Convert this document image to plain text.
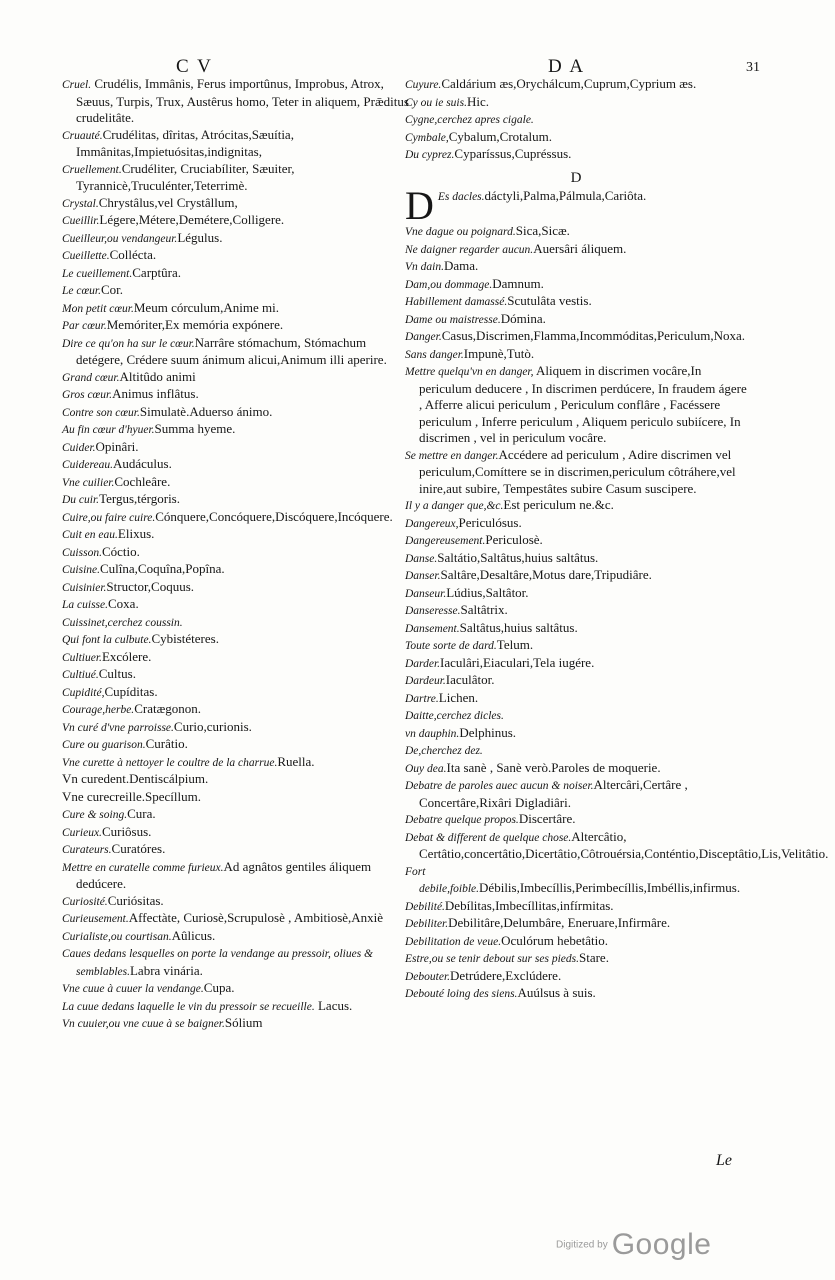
C V	D A	31

Cruel. Crudélis, Immânis, Ferus importûnus, Improbus, Atrox, Sæuus, Turpis, Trux, Austêrus homo, Teter in aliquem, Prǣditus crudelitâte.

Cruauté.Crudélitas, dîritas, Atrócitas,Sæuítia, Immânitas,Impietuósitas,indignitas,

Cruellement.Crudéliter, Cruciabíliter, Sæuiter, Tyrannicè,Truculénter,Teterrimè.

Crystal.Chrystâlus,vel Crystâllum,

Cueillir.Légere,Métere,Demétere,Colligere.

Cueilleur,ou vendangeur.Légulus.

Cueillette.Collécta.

Le cueillement.Carptûra.

Le cœur.Cor.

Mon petit cœur.Meum córculum,Anime mi.

Par cœur.Memóriter,Ex memória expónere.

Dire ce qu'on ha sur le cœur.Narrâre stómachum, Stómachum detégere, Crédere suum ánimum alicui,Animum illi aperire.

Grand cœur.Altitûdo animi

Gros cœur.Animus inflâtus.

Contre son cœur.Simulatè.Aduerso ánimo.

Au fin cœur d'hyuer.Summa hyeme.

Cuider.Opinâri.

Cuidereau.Audáculus.

Vne cuilier.Cochleâre.

Du cuir.Tergus,térgoris.

Cuire,ou faire cuire.Cónquere,Concóquere,Discóquere,Incóquere.

Cuit en eau.Elixus.

Cuisson.Cóctio.

Cuisine.Culîna,Coquîna,Popîna.

Cuisinier.Structor,Coquus.

La cuisse.Coxa.

Cuissinet,cerchez coussin.

Qui font la culbute.Cybistéteres.

Cultiuer.Excólere.

Cultiué.Cultus.

Cupidité,Cupíditas.

Courage,herbe.Cratægonon.

Vn curé d'vne parroisse.Curio,curionis.

Cure ou guarison.Curâtio.

Vne curette à nettoyer le coultre de la charrue.Ruella.

Vn curedent.Dentiscálpium.

Vne curecreille.Specíllum.

Cure & soing.Cura.

Curieux.Curiôsus.

Curateurs.Curatóres.

Mettre en curatelle comme furieux.Ad agnâtos gentiles áliquem dedúcere.

Curiosité.Curiósitas.

Curieusement.Affectàte, Curiosè,Scrupulosè , Ambitiosè,Anxiè

Curialiste,ou courtisan.Aûlicus.

Caues dedans lesquelles on porte la vendange au pressoir, oliues & semblables.Labra vinária.

Vne cuue à cuuer la vendange.Cupa.

La cuue dedans laquelle le vin du pressoir se recueille. Lacus.

Vn cuuier,ou vne cuue à se baigner.Sólium

Cuyure.Caldárium æs,Orychálcum,Cuprum,Cyprium æs.

Cy ou ie suis.Hic.

Cygne,cerchez apres cigale.

Cymbale,Cybalum,Crotalum.

Du cyprez.Cyparíssus,Cupréssus.

D

D Es dacles.dáctyli,Palma,Pálmula,Cariôta.

Vne dague ou poignard.Sica,Sicæ.

Ne daigner regarder aucun.Auersâri áliquem.

Vn dain.Dama.

Dam,ou dommage.Damnum.

Habillement damassé.Scutulâta vestis.

Dame ou maistresse.Dómina.

Danger.Casus,Discrimen,Flamma,Incommóditas,Periculum,Noxa.

Sans danger.Impunè,Tutò.

Mettre quelqu'vn en danger, Aliquem in discrimen vocâre,In periculum deducere , In discrimen perdúcere, In fraudem ágere , Afferre alicui periculum , Periculum conflâre , Facéssere periculum , Inferre periculum , Aliquem periculo subiícere, In discrimen , vel in periculum vocâre.

Se mettre en danger.Accédere ad periculum , Adire discrimen vel periculum,Comíttere se in discrimen,periculum côtráhere,vel inire,aut subire, Tempestâtes subire Casum suscipere.

Il y a danger que,&c.Est periculum ne.&c.

Dangereux,Periculósus.

Dangereusement.Periculosè.

Danse.Saltátio,Saltâtus,huius saltâtus.

Danser.Saltâre,Desaltâre,Motus dare,Tripudiâre.

Danseur.Lúdius,Saltâtor.

Danseresse.Saltâtrix.

Dansement.Saltâtus,huius saltâtus.

Toute sorte de dard.Telum.

Darder.Iaculâri,Eiaculari,Tela iugére.

Dardeur.Iaculâtor.

Dartre.Lichen.

Daitte,cerchez dicles.

vn dauphin.Delphinus.

De,cherchez dez.

Ouy dea.Ita sanè , Sanè verò.Paroles de moquerie.

Debatre de paroles auec aucun & noiser.Altercâri,Certâre , Concertâre,Rixâri Digladiâri.

Debatre quelque propos.Discertâre.

Debat & different de quelque chose.Altercâtio, Certâtio,concertâtio,Dicertâtio,Côtrouérsia,Conténtio,Disceptâtio,Lis,Velitâtio.

Fort debile,foible.Débilis,Imbecíllis,Perimbecíllis,Imbéllis,infirmus.

Debilité.Debílitas,Imbecíllitas,infírmitas.

Debiliter.Debilitâre,Delumbâre, Eneruare,Infirmâre.

Debilitation de veue.Oculórum hebetâtio.

Estre,ou se tenir debout sur ses pieds.Stare.

Debouter.Detrúdere,Exclúdere.

Debouté loing des siens.Auúlsus à suis.

Le
Digitized by Google
